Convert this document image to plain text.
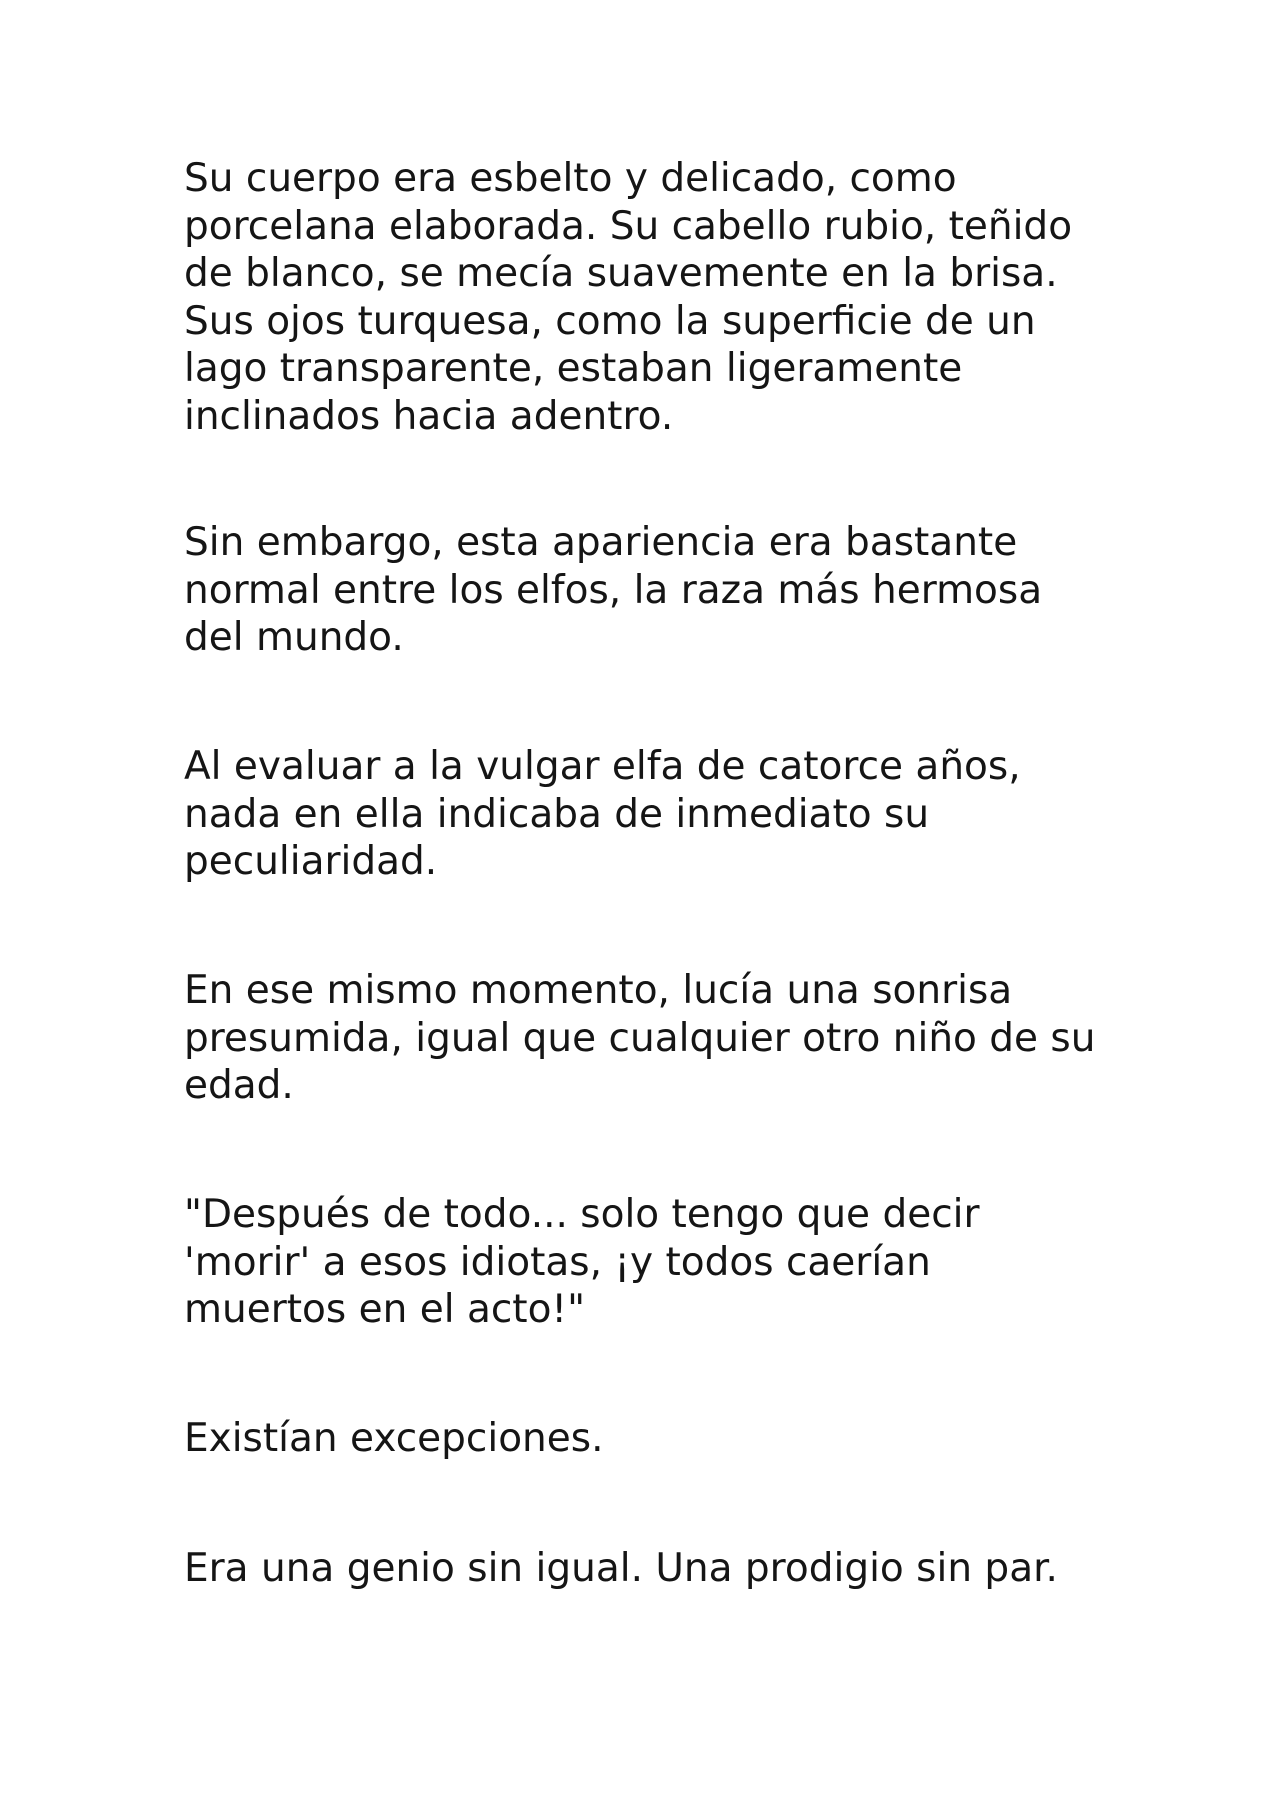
Su cuerpo era esbelto y delicado, como
porcelana elaborada. Su cabello rubio, teñido
de blanco, se mecía suavemente en la brisa.
Sus ojos turquesa, como la superficie de un
lago transparente, estaban ligeramente
inclinados hacia adentro.

Sin embargo, esta apariencia era bastante
normal entre los elfos, la raza más hermosa
del mundo.

Al evaluar a la vulgar elfa de catorce años,
nada en ella indicaba de inmediato su
peculiaridad.

En ese mismo momento, lucía una sonrisa
presumida, igual que cualquier otro niño de su
edad.

"Después de todo... solo tengo que decir
'morir' a esos idiotas, ¡y todos caerían
muertos en el acto!"

Existían excepciones.

Era una genio sin igual. Una prodigio sin par.
